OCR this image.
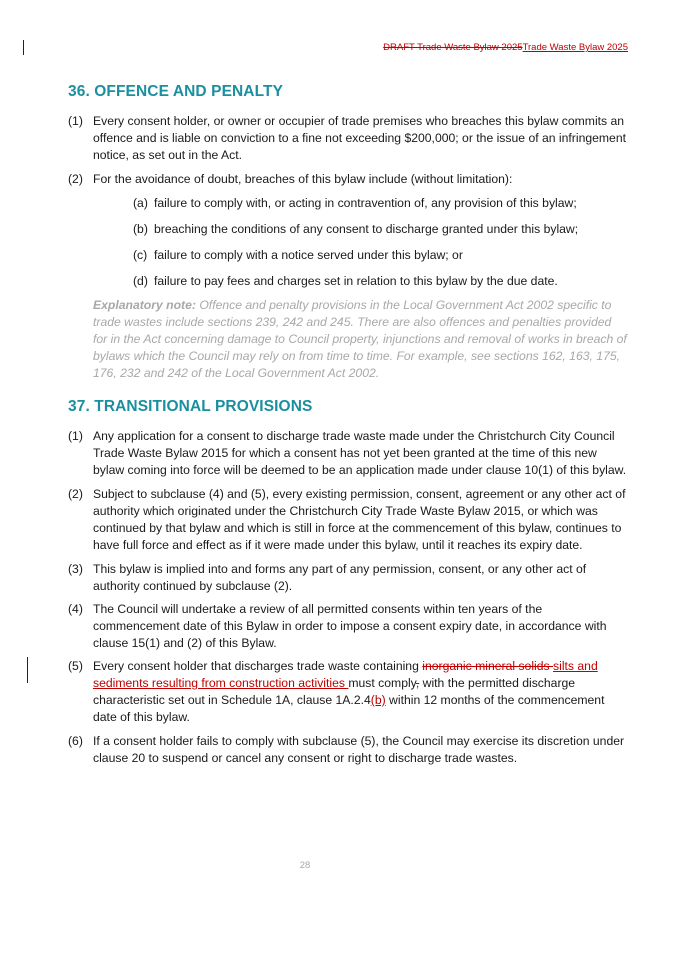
DRAFT Trade Waste Bylaw 2025Trade Waste Bylaw 2025
36. OFFENCE AND PENALTY
(1) Every consent holder, or owner or occupier of trade premises who breaches this bylaw commits an offence and is liable on conviction to a fine not exceeding $200,000; or the issue of an infringement notice, as set out in the Act.
(2) For the avoidance of doubt, breaches of this bylaw include (without limitation):
(a) failure to comply with, or acting in contravention of, any provision of this bylaw;
(b) breaching the conditions of any consent to discharge granted under this bylaw;
(c) failure to comply with a notice served under this bylaw; or
(d) failure to pay fees and charges set in relation to this bylaw by the due date.
Explanatory note: Offence and penalty provisions in the Local Government Act 2002 specific to trade wastes include sections 239, 242 and 245. There are also offences and penalties provided for in the Act concerning damage to Council property, injunctions and removal of works in breach of bylaws which the Council may rely on from time to time. For example, see sections 162, 163, 175, 176, 232 and 242 of the Local Government Act 2002.
37. TRANSITIONAL PROVISIONS
(1) Any application for a consent to discharge trade waste made under the Christchurch City Council Trade Waste Bylaw 2015 for which a consent has not yet been granted at the time of this new bylaw coming into force will be deemed to be an application made under clause 10(1) of this bylaw.
(2) Subject to subclause (4) and (5), every existing permission, consent, agreement or any other act of authority which originated under the Christchurch City Trade Waste Bylaw 2015, or which was continued by that bylaw and which is still in force at the commencement of this bylaw, continues to have full force and effect as if it were made under this bylaw, until it reaches its expiry date.
(3) This bylaw is implied into and forms any part of any permission, consent, or any other act of authority continued by subclause (2).
(4) The Council will undertake a review of all permitted consents within ten years of the commencement date of this Bylaw in order to impose a consent expiry date, in accordance with clause 15(1) and (2) of this Bylaw.
(5) Every consent holder that discharges trade waste containing inorganic mineral solids silts and sediments resulting from construction activities must comply, with the permitted discharge characteristic set out in Schedule 1A, clause 1A.2.4(b) within 12 months of the commencement date of this bylaw.
(6) If a consent holder fails to comply with subclause (5), the Council may exercise its discretion under clause 20 to suspend or cancel any consent or right to discharge trade wastes.
28
